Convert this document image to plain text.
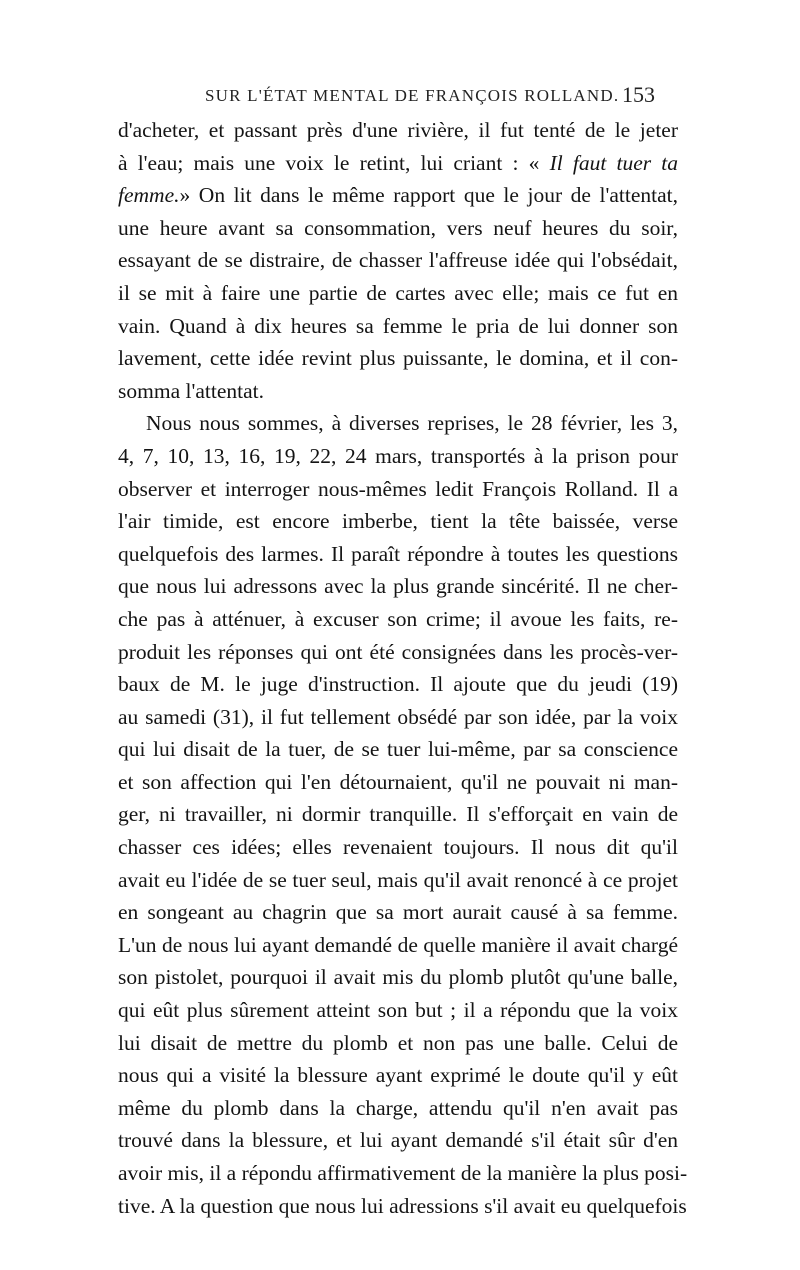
SUR L'ÉTAT MENTAL DE FRANÇOIS ROLLAND. 153
d'acheter, et passant près d'une rivière, il fut tenté de le jeter
à l'eau; mais une voix le retint, lui criant : « Il faut tuer ta
femme.» On lit dans le même rapport que le jour de l'attentat,
une heure avant sa consommation, vers neuf heures du soir,
essayant de se distraire, de chasser l'affreuse idée qui l'obsédait,
il se mit à faire une partie de cartes avec elle; mais ce fut en
vain. Quand à dix heures sa femme le pria de lui donner son
lavement, cette idée revint plus puissante, le domina, et il con-
somma l'attentat.
Nous nous sommes, à diverses reprises, le 28 février, les 3,
4, 7, 10, 13, 16, 19, 22, 24 mars, transportés à la prison pour
observer et interroger nous-mêmes ledit François Rolland. Il a
l'air timide, est encore imberbe, tient la tête baissée, verse
quelquefois des larmes. Il paraît répondre à toutes les questions
que nous lui adressons avec la plus grande sincérité. Il ne cher-
che pas à atténuer, à excuser son crime; il avoue les faits, re-
produit les réponses qui ont été consignées dans les procès-ver-
baux de M. le juge d'instruction. Il ajoute que du jeudi (19)
au samedi (31), il fut tellement obsédé par son idée, par la voix
qui lui disait de la tuer, de se tuer lui-même, par sa conscience
et son affection qui l'en détournaient, qu'il ne pouvait ni man-
ger, ni travailler, ni dormir tranquille. Il s'efforçait en vain de
chasser ces idées; elles revenaient toujours. Il nous dit qu'il
avait eu l'idée de se tuer seul, mais qu'il avait renoncé à ce projet
en songeant au chagrin que sa mort aurait causé à sa femme.
L'un de nous lui ayant demandé de quelle manière il avait chargé
son pistolet, pourquoi il avait mis du plomb plutôt qu'une balle,
qui eût plus sûrement atteint son but ; il a répondu que la voix
lui disait de mettre du plomb et non pas une balle. Celui de
nous qui a visité la blessure ayant exprimé le doute qu'il y eût
même du plomb dans la charge, attendu qu'il n'en avait pas
trouvé dans la blessure, et lui ayant demandé s'il était sûr d'en
avoir mis, il a répondu affirmativement de la manière la plus posi-
tive. A la question que nous lui adressions s'il avait eu quelquefois
